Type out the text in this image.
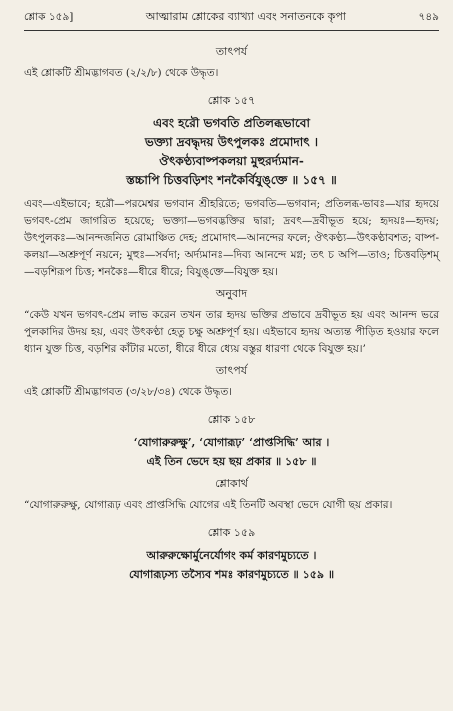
শ্লোক ১৫৯]	আত্মারাম শ্লোকের ব্যাখ্যা এবং সনাতনকে কৃপা	৭৪৯
তাৎপর্য

এই শ্লোকটি শ্রীমদ্ভাগবত (২/২/৮) থেকে উদ্ধৃত।

শ্লোক ১৫৭

এবং হরৌ ভগবতি প্রতিলব্ধভাবো

ভক্ত্যা দ্রবদ্ধৃদয় উৎপুলকঃ প্রমোদাৎ ।

ঔৎকণ্ঠ্যবাষ্পকলয়া মুহুরর্দ্যমান-

স্তচ্চাপি চিত্তবড়িশং শনকৈর্বিযুঙ্‌ক্তে ॥ ১৫৭ ॥

এবং—এইভাবে; হরৌ—পরমেশ্বর ভগবান শ্রীহরিতে; ভগবতি—ভগবান; প্রতিলব্ধ-ভাবঃ—যার হৃদয়ে ভগবৎ-প্রেম জাগরিত হয়েছে; ভক্ত্যা—ভগবদ্ভক্তির দ্বারা; দ্রবৎ—দ্রবীভূত হয়ে; হৃদয়ঃ—হৃদয়; উৎপুলকঃ—আনন্দজনিত রোমাঞ্চিত দেহ; প্রমোদাৎ—আনন্দের ফলে; ঔৎকণ্ঠ্য—উৎকণ্ঠাবশত; বাষ্প-কলয়া—অশ্রুপূর্ণ নয়নে; মুহুঃ—সর্বদা; অর্দ্যমানঃ—দিব্য আনন্দে মগ্ন; তৎ চ অপি—তাও; চিত্তবড়িশম্—বড়শিরূপ চিত্ত; শনকৈঃ—ধীরে ধীরে; বিযুঙ্‌ক্তে—বিযুক্ত হয়।

অনুবাদ

“কেউ যখন ভগবৎ-প্রেম লাভ করেন তখন তার হৃদয় ভক্তির প্রভাবে দ্রবীভূত হয় এবং আনন্দ ভরে পুলকাদির উদয় হয়, এবং উৎকণ্ঠা হেতু চক্ষু অশ্রুপূর্ণ হয়। এইভাবে হৃদয় অত্যন্ত পীড়িত হওয়ার ফলে ধ্যান যুক্ত চিত্ত, বড়শির কাঁটার মতো, ধীরে ধীরে ধ্যেয় বস্তুর ধারণা থেকে বিযুক্ত হয়।’

তাৎপর্য

এই শ্লোকটি শ্রীমদ্ভাগবত (৩/২৮/৩৪) থেকে উদ্ধৃত।

শ্লোক ১৫৮

‘যোগারুরুক্ষু’, ‘যোগারূঢ়’ ‘প্রাপ্তসিদ্ধি’ আর ।

এই তিন ভেদে হয় ছয় প্রকার ॥ ১৫৮ ॥

শ্লোকার্থ

“যোগারুরুক্ষু, যোগারূঢ় এবং প্রাপ্তসিদ্ধি যোগের এই তিনটি অবস্থা ভেদে যোগী ছয় প্রকার।

শ্লোক ১৫৯

আরুরুক্ষোর্মুনের্যোগং কর্ম কারণমুচ্যতে ।

যোগারূঢ়স্য তস্যৈব শমঃ কারণমুচ্যতে ॥ ১৫৯ ॥
